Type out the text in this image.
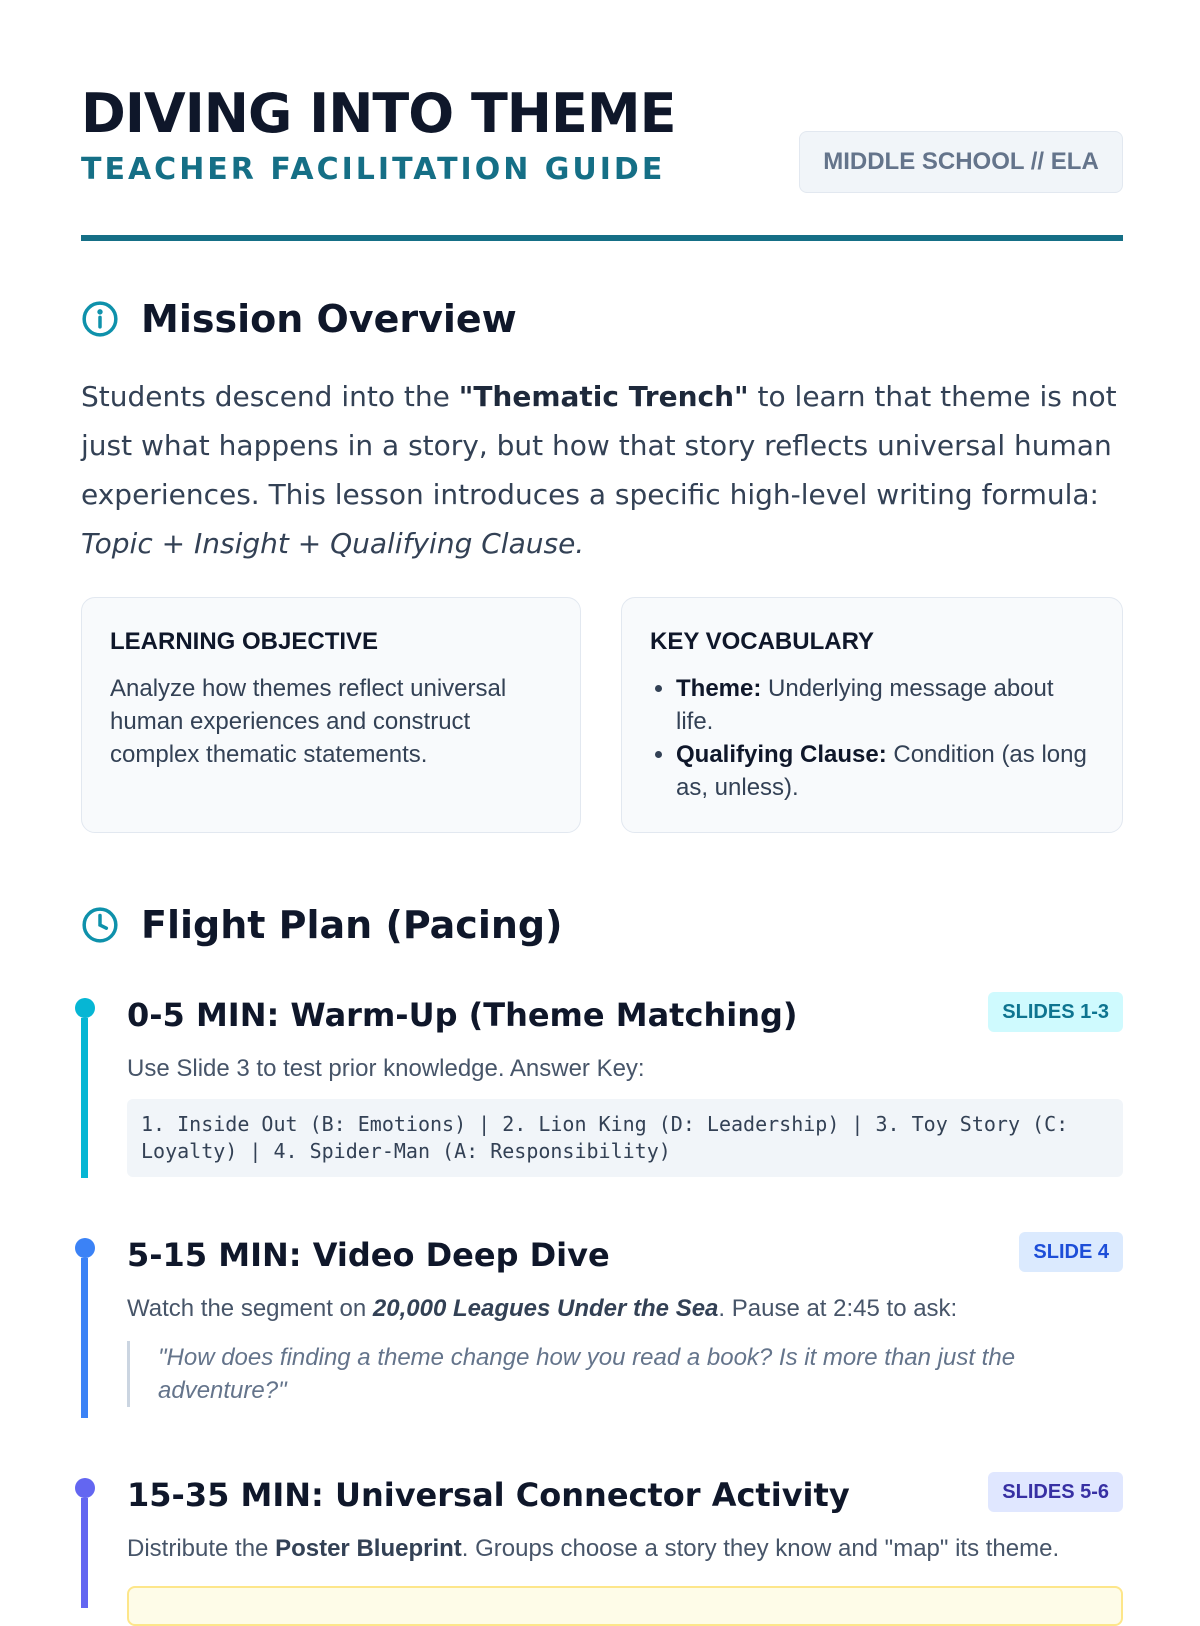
DIVING INTO THEME
TEACHER FACILITATION GUIDE	MIDDLE SCHOOL // ELA
Mission Overview

Students descend into the "Thematic Trench" to learn that theme is not just what happens in a story, but how that story reflects universal human experiences. This lesson introduces a specific high-level writing formula: Topic + Insight + Qualifying Clause.

LEARNING OBJECTIVE

Analyze how themes reflect universal human experiences and construct complex thematic statements.

KEY VOCABULARY

• Theme: Underlying message about life.
• Qualifying Clause: Condition (as long as, unless).
Flight Plan (Pacing)
0-5 MIN: Warm-Up (Theme Matching)	SLIDES 1-3
Use Slide 3 to test prior knowledge. Answer Key:
1. Inside Out (B: Emotions) | 2. Lion King (D: Leadership) | 3. Toy Story (C: Loyalty) | 4. Spider-Man (A: Responsibility)
5-15 MIN: Video Deep Dive	SLIDE 4
Watch the segment on 20,000 Leagues Under the Sea. Pause at 2:45 to ask:
"How does finding a theme change how you read a book? Is it more than just the adventure?"
15-35 MIN: Universal Connector Activity	SLIDES 5-6
Distribute the Poster Blueprint. Groups choose a story they know and "map" its theme.
